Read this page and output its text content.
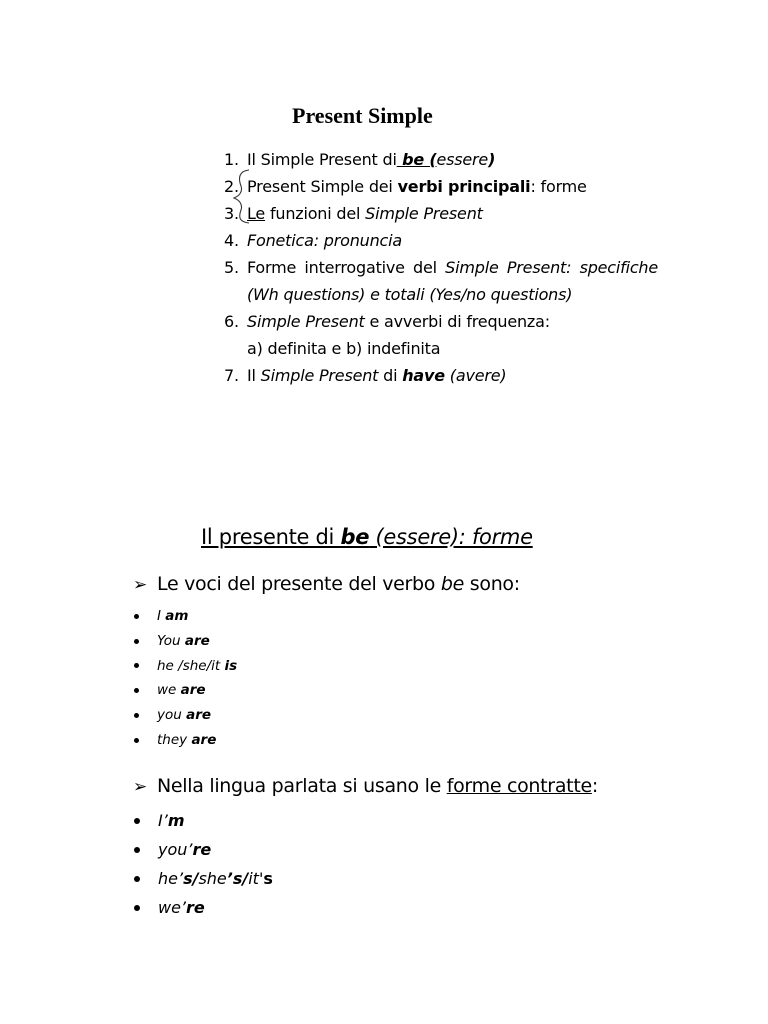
Present Simple
1. Il Simple Present di be (essere)
2. Present Simple dei verbi principali: forme
3. Le funzioni del Simple Present
4. Fonetica: pronuncia
5. Forme interrogative del Simple Present: specifiche (Wh questions) e totali (Yes/no questions)
6. Simple Present e avverbi di frequenza:
a) definita e b) indefinita
7. Il Simple Present di have (avere)
Il presente di be (essere): forme

➢ Le voci del presente del verbo be sono:

I am
You are
he /she/it is
we are
you are
they are

➢ Nella lingua parlata si usano le forme contratte:

I’m
you’re
he’s/she’s/it's
we’re
